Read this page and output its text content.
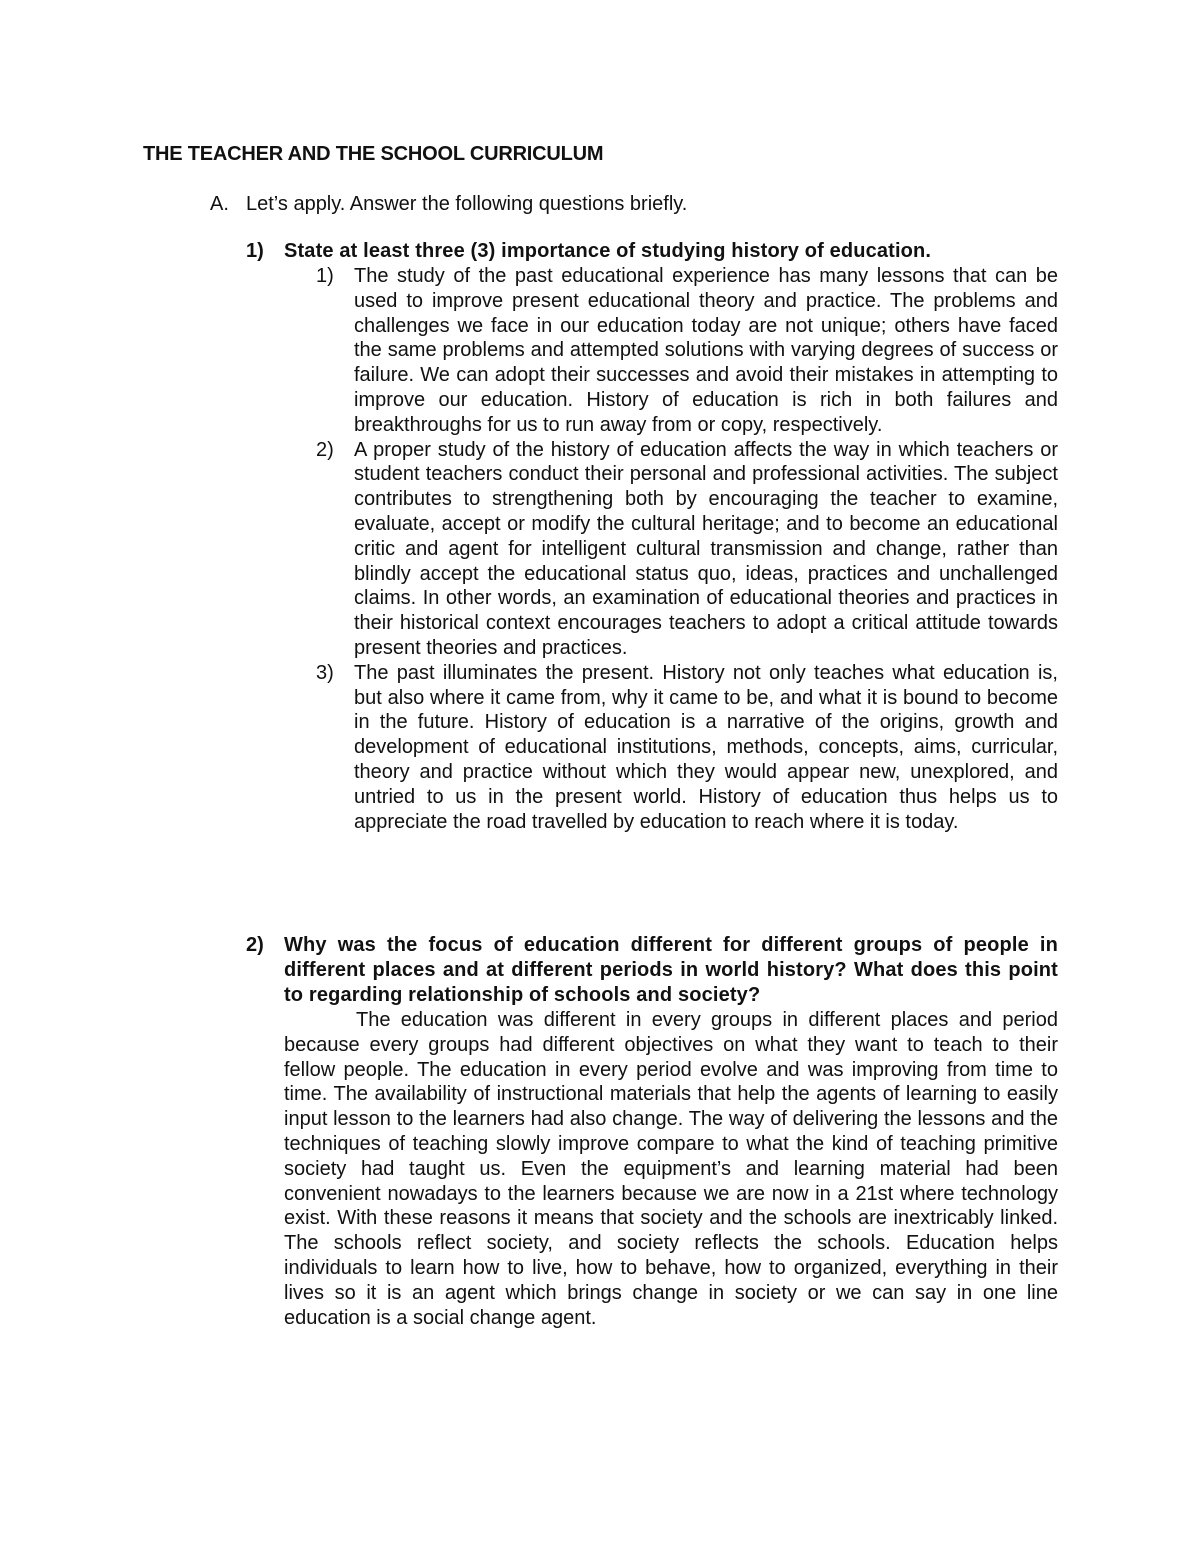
THE TEACHER AND THE SCHOOL CURRICULUM
A. Let’s apply. Answer the following questions briefly.
1) State at least three (3) importance of studying history of education.

1) The study of the past educational experience has many lessons that can be used to improve present educational theory and practice. The problems and challenges we face in our education today are not unique; others have faced the same problems and attempted solutions with varying degrees of success or failure. We can adopt their successes and avoid their mistakes in attempting to improve our education. History of education is rich in both failures and breakthroughs for us to run away from or copy, respectively.

2) A proper study of the history of education affects the way in which teachers or student teachers conduct their personal and professional activities. The subject contributes to strengthening both by encouraging the teacher to examine, evaluate, accept or modify the cultural heritage; and to become an educational critic and agent for intelligent cultural transmission and change, rather than blindly accept the educational status quo, ideas, practices and unchallenged claims. In other words, an examination of educational theories and practices in their historical context encourages teachers to adopt a critical attitude towards present theories and practices.

3) The past illuminates the present. History not only teaches what education is, but also where it came from, why it came to be, and what it is bound to become in the future. History of education is a narrative of the origins, growth and development of educational institutions, methods, concepts, aims, curricular, theory and practice without which they would appear new, unexplored, and untried to us in the present world. History of education thus helps us to appreciate the road travelled by education to reach where it is today.

2) Why was the focus of education different for different groups of people in different places and at different periods in world history? What does this point to regarding relationship of schools and society?

The education was different in every groups in different places and period because every groups had different objectives on what they want to teach to their fellow people. The education in every period evolve and was improving from time to time. The availability of instructional materials that help the agents of learning to easily input lesson to the learners had also change. The way of delivering the lessons and the techniques of teaching slowly improve compare to what the kind of teaching primitive society had taught us. Even the equipment’s and learning material had been convenient nowadays to the learners because we are now in a 21st where technology exist. With these reasons it means that society and the schools are inextricably linked. The schools reflect society, and society reflects the schools. Education helps individuals to learn how to live, how to behave, how to organized, everything in their lives so it is an agent which brings change in society or we can say in one line education is a social change agent.
